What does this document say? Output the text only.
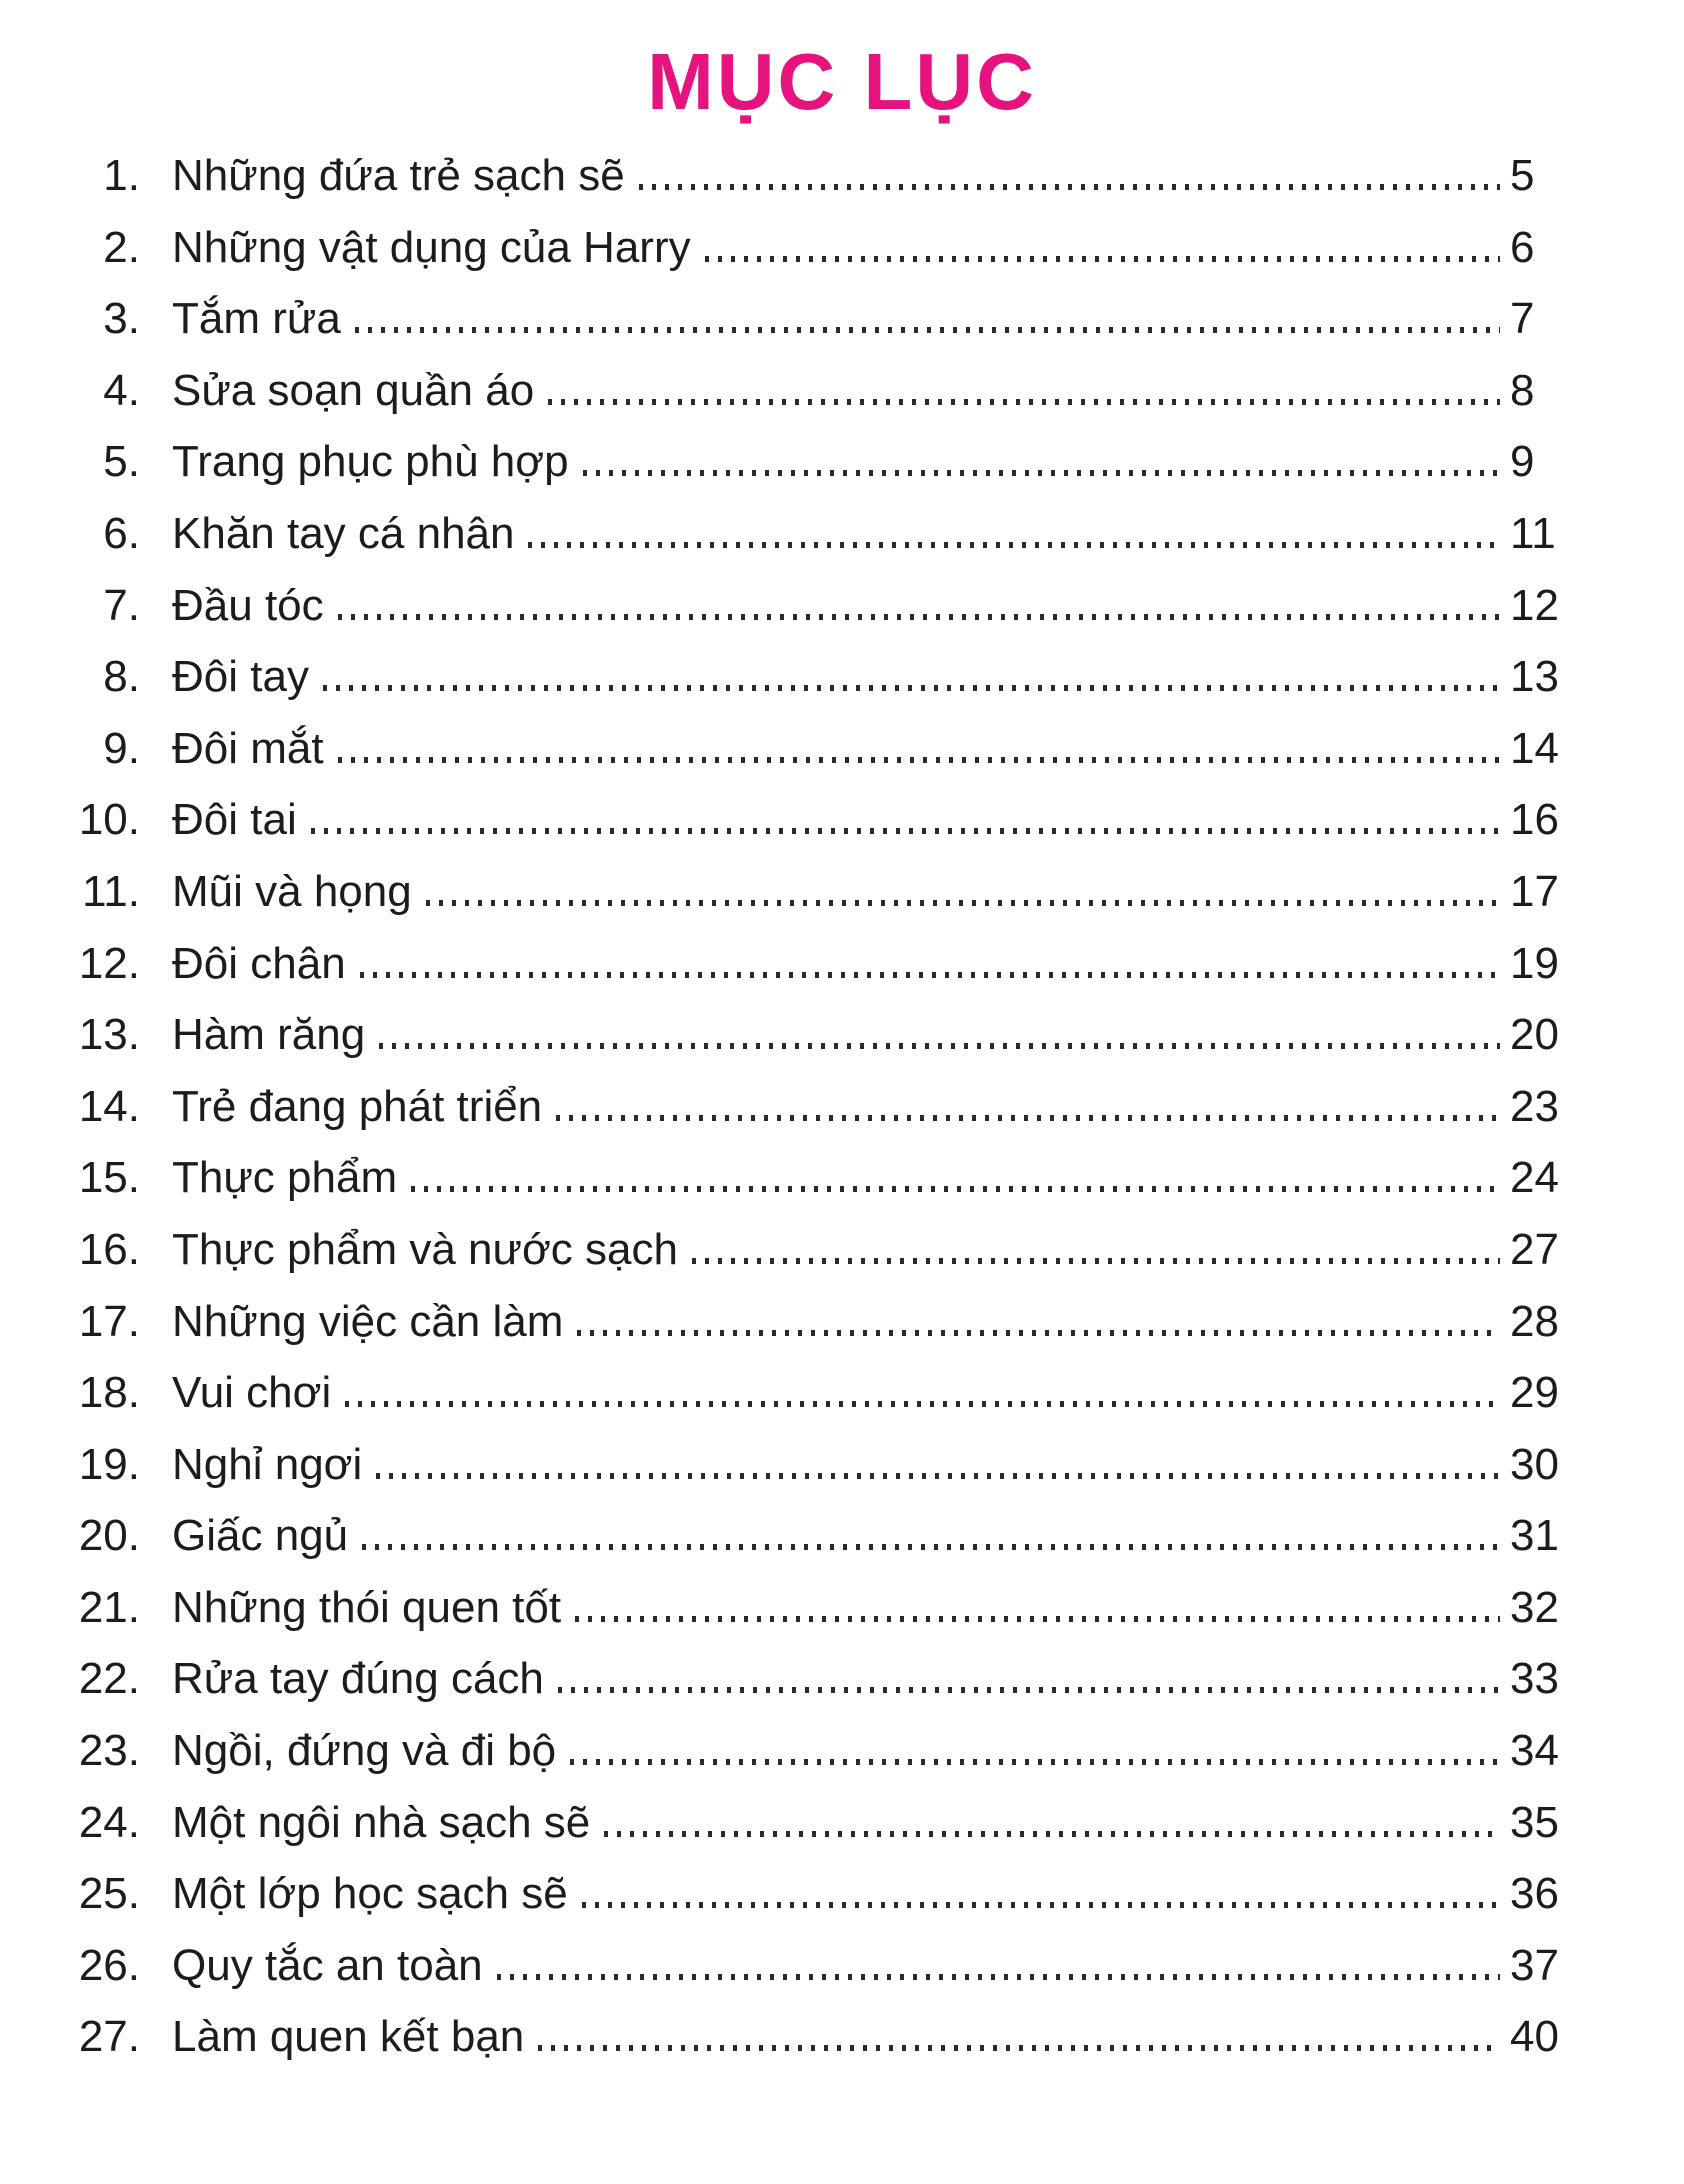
MỤC LỤC
1. Những đứa trẻ sạch sẽ	5
2. Những vật dụng của Harry	6
3. Tắm rửa	7
4. Sửa soạn quần áo	8
5. Trang phục phù hợp	9
6. Khăn tay cá nhân	11
7. Đầu tóc	12
8. Đôi tay	13
9. Đôi mắt	14
10. Đôi tai	16
11. Mũi và họng	17
12. Đôi chân	19
13. Hàm răng	20
14. Trẻ đang phát triển	23
15. Thực phẩm	24
16. Thực phẩm và nước sạch	27
17. Những việc cần làm	28
18. Vui chơi	29
19. Nghỉ ngơi	30
20. Giấc ngủ	31
21. Những thói quen tốt	32
22. Rửa tay đúng cách	33
23. Ngồi, đứng và đi bộ	34
24. Một ngôi nhà sạch sẽ	35
25. Một lớp học sạch sẽ	36
26. Quy tắc an toàn	37
27. Làm quen kết bạn	40
